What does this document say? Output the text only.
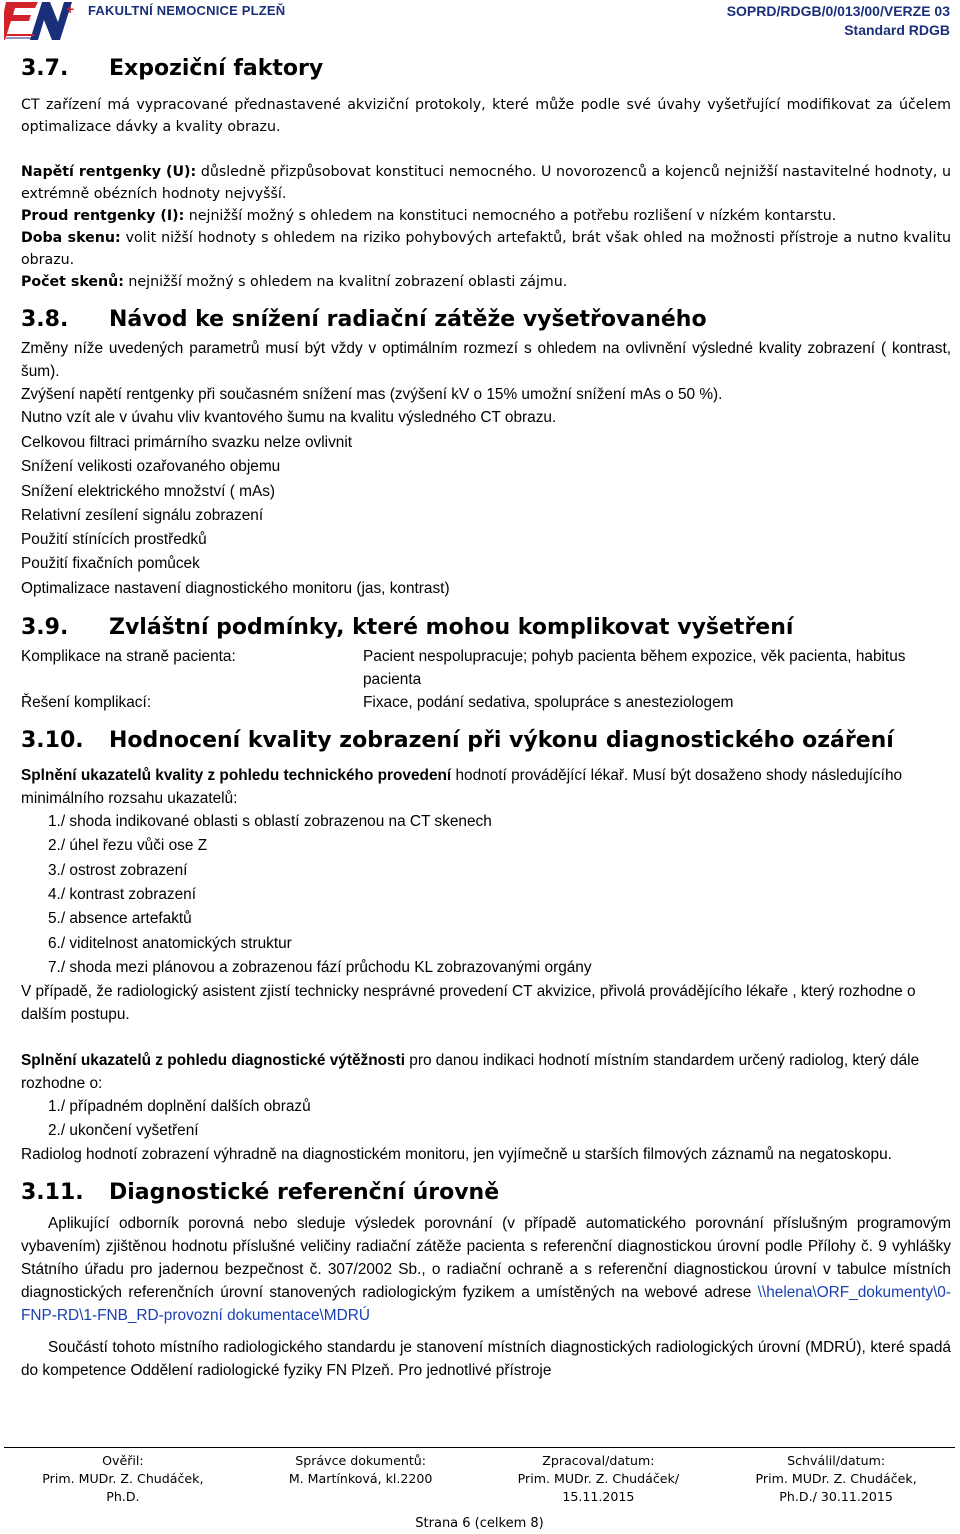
+ FAKULTNÍ NEMOCNICE PLZEŇ	SOPRD/RDGB/0/013/00/VERZE 03
Standard RDGB
3.7. Expoziční faktory

CT zařízení má vypracované přednastavené akviziční protokoly, které může podle své úvahy vyšetřující modifikovat za účelem optimalizace dávky a kvality obrazu.

Napětí rentgenky (U): důsledně přizpůsobovat konstituci nemocného. U novorozenců a kojenců nejnižší nastavitelné hodnoty, u extrémně obézních hodnoty nejvyšší.

Proud rentgenky (I): nejnižší možný s ohledem na konstituci nemocného a potřebu rozlišení v nízkém kontarstu.

Doba skenu: volit nižší hodnoty s ohledem na riziko pohybových artefaktů, brát však ohled na možnosti přístroje a nutno kvalitu obrazu.

Počet skenů: nejnižší možný s ohledem na kvalitní zobrazení oblasti zájmu.

3.8. Návod ke snížení radiační zátěže vyšetřovaného

Změny níže uvedených parametrů musí být vždy v optimálním rozmezí s ohledem na ovlivnění výsledné kvality zobrazení ( kontrast, šum).

Zvýšení napětí rentgenky při současném snížení mas (zvýšení kV o 15% umožní snížení mAs o 50 %).

Nutno vzít ale v úvahu vliv kvantového šumu na kvalitu výsledného CT obrazu.

Celkovou filtraci primárního svazku nelze ovlivnit

Snížení velikosti ozařovaného objemu

Snížení elektrického množství ( mAs)

Relativní zesílení signálu zobrazení

Použití stínících prostředků

Použití fixačních pomůcek

Optimalizace nastavení diagnostického monitoru (jas, kontrast)

3.9. Zvláštní podmínky, které mohou komplikovat vyšetření
Komplikace na straně pacienta:	Pacient nespolupracuje; pohyb pacienta během expozice, věk pacienta, habitus pacienta
Řešení komplikací:	Fixace, podání sedativa, spolupráce s anesteziologem
3.10. Hodnocení kvality zobrazení při výkonu diagnostického ozáření

Splnění ukazatelů kvality z pohledu technického provedení hodnotí provádějící lékař. Musí být dosaženo shody následujícího minimálního rozsahu ukazatelů:

1./ shoda indikované oblasti s oblastí zobrazenou na CT skenech

2./ úhel řezu vůči ose Z

3./ ostrost zobrazení

4./ kontrast zobrazení

5./ absence artefaktů

6./ viditelnost anatomických struktur

7./ shoda mezi plánovou a zobrazenou fází průchodu KL zobrazovanými orgány

V případě, že radiologický asistent zjistí technicky nesprávné provedení CT akvizice, přivolá provádějícího lékaře , který rozhodne o dalším postupu.

Splnění ukazatelů z pohledu diagnostické výtěžnosti pro danou indikaci hodnotí místním standardem určený radiolog, který dále rozhodne o:

1./ případném doplnění dalších obrazů

2./ ukončení vyšetření

Radiolog hodnotí zobrazení výhradně na diagnostickém monitoru, jen vyjímečně u starších filmových záznamů na negatoskopu.

3.11. Diagnostické referenční úrovně

Aplikující odborník porovná nebo sleduje výsledek porovnání (v případě automatického porovnání příslušným programovým vybavením) zjištěnou hodnotu příslušné veličiny radiační zátěže pacienta s referenční diagnostickou úrovní podle Přílohy č. 9 vyhlášky Státního úřadu pro jadernou bezpečnost č. 307/2002 Sb., o radiační ochraně a s referenční diagnostickou úrovní v tabulce místních diagnostických referenčních úrovní stanovených radiologickým fyzikem a umístěných na webové adrese \\helena\ORF_dokumenty\0-FNP-RD\1-FNB_RD-provozní dokumentace\MDRÚ

Součástí tohoto místního radiologického standardu je stanovení místních diagnostických radiologických úrovní (MDRÚ), které spadá do kompetence Oddělení radiologické fyziky FN Plzeň. Pro jednotlivé přístroje

Ověřil:
Prim. MUDr. Z. Chudáček,
Ph.D.
Správce dokumentů:
M. Martínková, kl.2200
Zpracoval/datum:
Prim. MUDr. Z. Chudáček/
15.11.2015
Schválil/datum:
Prim. MUDr. Z. Chudáček,
Ph.D./ 30.11.2015
Strana 6 (celkem 8)
